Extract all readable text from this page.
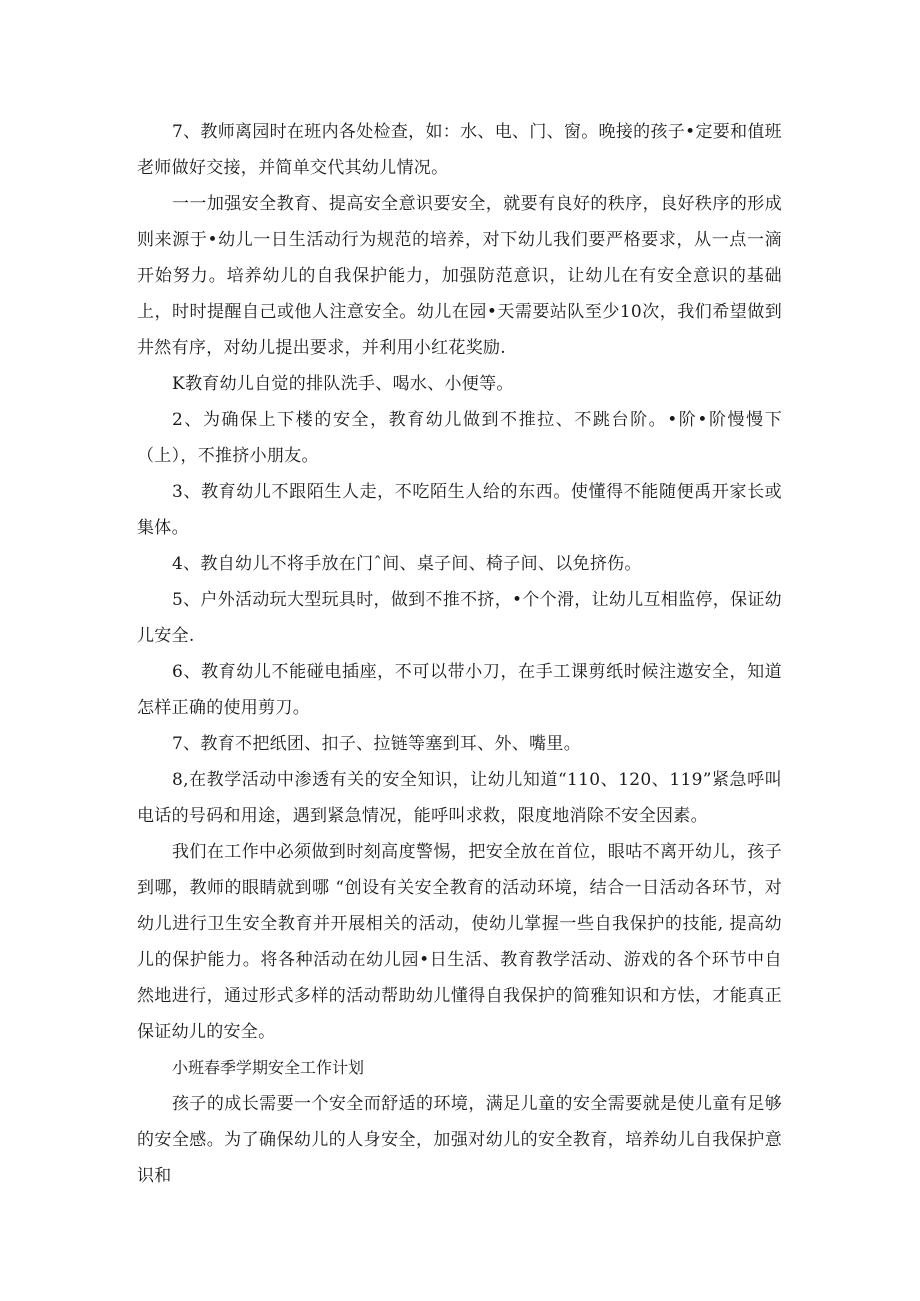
7、教师离园时在班内各处检查，如：水、电、门、窗。晚接的孩子•定要和值班老师做好交接，并简单交代其幼儿情况。

一一加强安全教育、提高安全意识要安全，就要有良好的秩序，良好秩序的形成则来源于•幼儿一日生活动行为规范的培养，对下幼儿我们要严格要求，从一点一滴开始努力。培养幼儿的自我保护能力，加强防范意识，让幼儿在有安全意识的基础上，时时提醒自己或他人注意安全。幼儿在园•天需要站队至少10次，我们希望做到井然有序，对幼儿提出要求，并利用小红花奖励.

K教育幼儿自觉的排队洗手、喝水、小便等。

2、为确保上下楼的安全，教育幼儿做到不推拉、不跳台阶。•阶•阶慢慢下（上），不推挤小朋友。

3、教育幼儿不跟陌生人走，不吃陌生人给的东西。使懂得不能随便禹开家长或集体。

4、教自幼儿不将手放在门ˆ间、桌子间、椅子间、以免挤伤。

5、户外活动玩大型玩具时，做到不推不挤，•个个滑，让幼儿互相监停，保证幼儿安全.

6、教育幼儿不能碰电插座，不可以带小刀，在手工课剪纸时候注遨安全，知道怎样正确的使用剪刀。

7、教育不把纸团、扣子、拉链等塞到耳、外、嘴里。

8,在教学活动中渗透有关的安全知识，让幼儿知道“110、120、119”紧急呼叫电话的号码和用途，遇到紧急情况，能呼叫求救，限度地消除不安全因素。

我们在工作中必须做到时刻高度警惕，把安全放在首位，眼咕不离开幼儿，孩子到哪，教师的眼睛就到哪 “创设有关安全教育的活动环境，结合一日活动各环节，对幼儿进行卫生安全教育并开展相关的活动，使幼儿掌握一些自我保护的技能, 提高幼儿的保护能力。将各种活动在幼儿园•日生活、教育教学活动、游戏的各个环节中自然地进行，通过形式多样的活动帮助幼儿懂得自我保护的简雅知识和方怯，才能真正保证幼儿的安全。

小班春季学期安全工作计划

孩子的成长需要一个安全而舒适的环境，满足儿童的安全需要就是使儿童有足够的安全感。为了确保幼儿的人身安全，加强对幼儿的安全教育，培养幼儿自我保护意识和
